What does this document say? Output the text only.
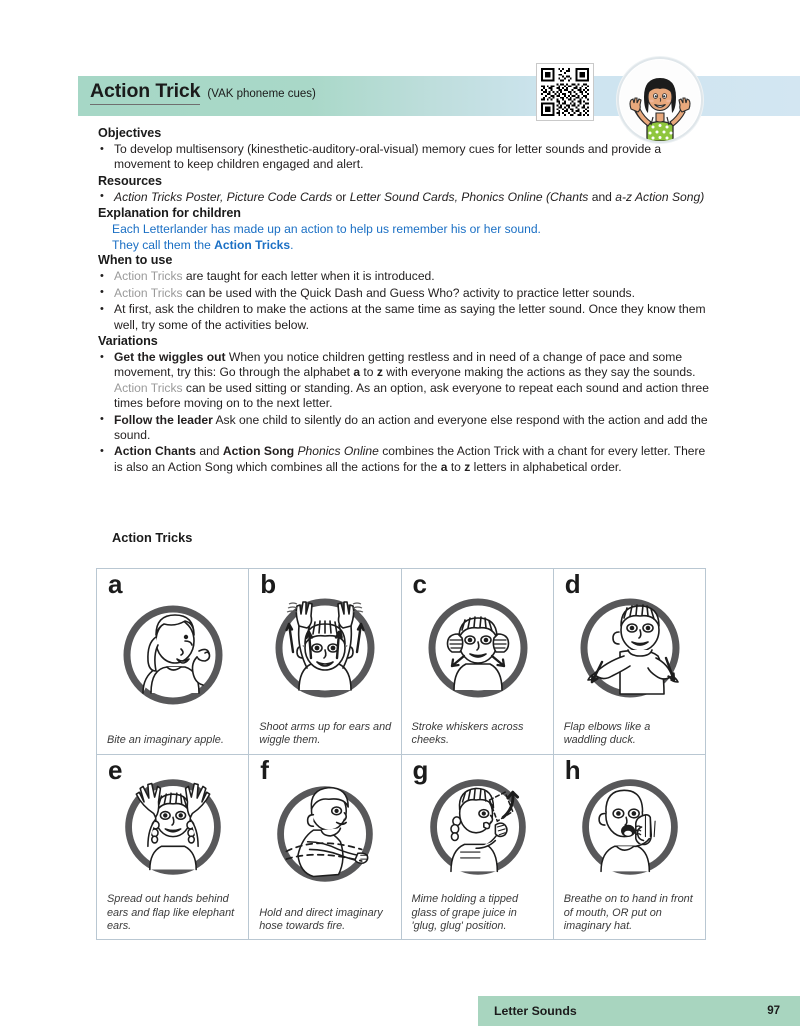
Action Trick (VAK phoneme cues)
Objectives
• To develop multisensory (kinesthetic-auditory-oral-visual) memory cues for letter sounds and provide a movement to keep children engaged and alert.
Resources
• Action Tricks Poster, Picture Code Cards or Letter Sound Cards, Phonics Online (Chants and a-z Action Song)
Explanation for children
Each Letterlander has made up an action to help us remember his or her sound.
They call them the Action Tricks.
When to use
• Action Tricks are taught for each letter when it is introduced.
• Action Tricks can be used with the Quick Dash and Guess Who? activity to practice letter sounds.
• At first, ask the children to make the actions at the same time as saying the letter sound. Once they know them well, try some of the activities below.
Variations
• Get the wiggles out When you notice children getting restless and in need of a change of pace and some movement, try this: Go through the alphabet a to z with everyone making the actions as they say the sounds. Action Tricks can be used sitting or standing. As an option, ask everyone to repeat each sound and action three times before moving on to the next letter.
• Follow the leader Ask one child to silently do an action and everyone else respond with the action and add the sound.
• Action Chants and Action Song Phonics Online combines the Action Trick with a chant for every letter. There is also an Action Song which combines all the actions for the a to z letters in alphabetical order.
Action Tricks
a
Bite an imaginary apple.
b
Shoot arms up for ears and wiggle them.
c
Stroke whiskers across cheeks.
d
Flap elbows like a waddling duck.
e
Spread out hands behind ears and flap like elephant ears.
f
Hold and direct imaginary hose towards fire.
g
Mime holding a tipped glass of grape juice in 'glug, glug' position.
h
Breathe on to hand in front of mouth, OR put on imaginary hat.
Letter Sounds	97
